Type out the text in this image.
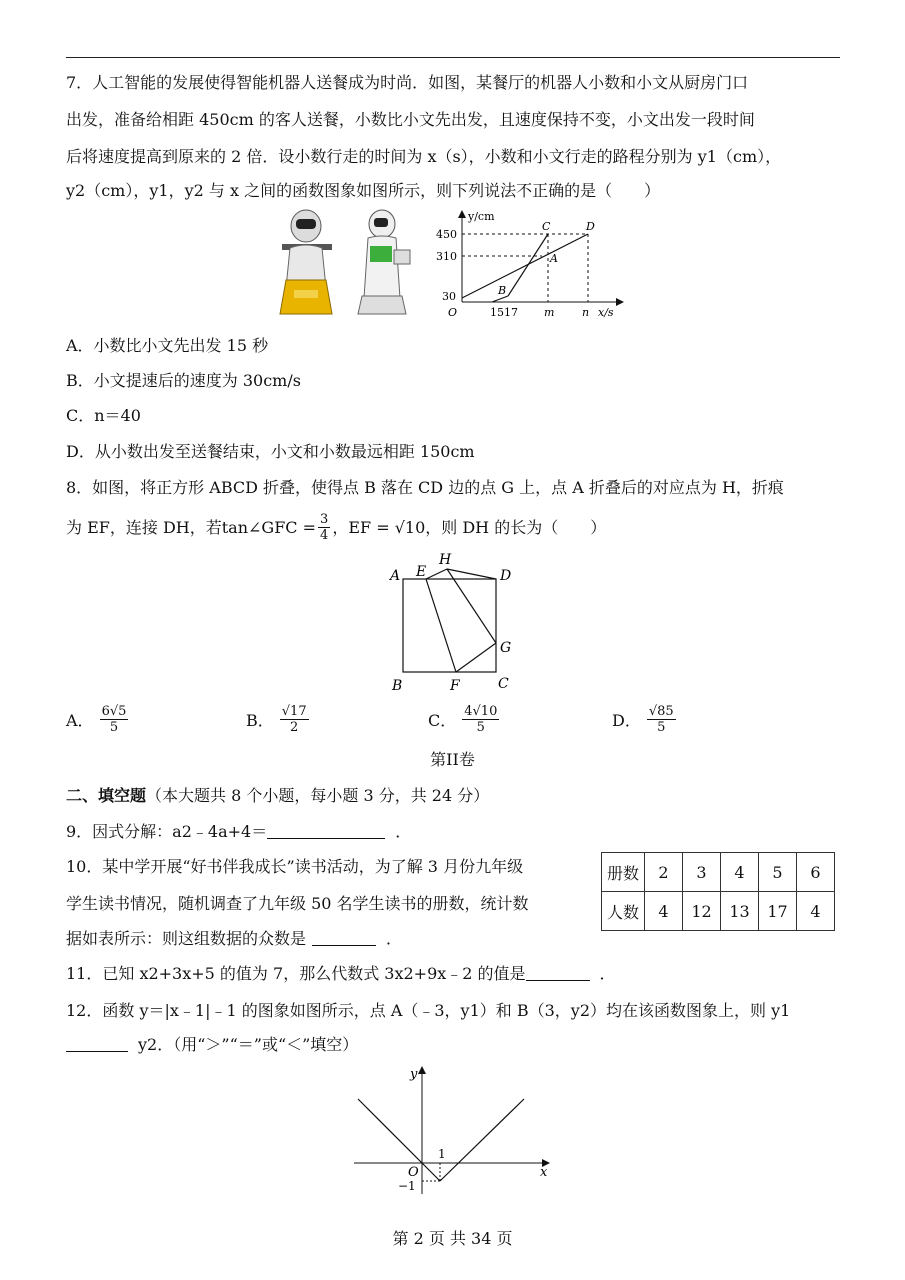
7．人工智能的发展使得智能机器人送餐成为时尚．如图，某餐厅的机器人小数和小文从厨房门口
出发，准备给相距 450cm 的客人送餐，小数比小文先出发，且速度保持不变，小文出发一段时间
后将速度提高到原来的 2 倍．设小数行走的时间为 x（s），小数和小文行走的路程分别为 y1（cm），
y2（cm），y1，y2 与 x 之间的函数图象如图所示，则下列说法不正确的是（　　）
y/cm
x/s
O
450
310
30
1517 m	n
C	D
A
B
A．小数比小文先出发 15 秒
B．小文提速后的速度为 30cm/s
C．n＝40
D．从小数出发至送餐结束，小文和小数最远相距 150cm
8．如图，将正方形 ABCD 折叠，使得点 B 落在 CD 边的点 G 上，点 A 折叠后的对应点为 H，折痕
为 EF，连接 DH，若tan∠GFC = $\frac{3}{4}$ ，EF = √10，则 DH 的长为（　　）
A E
H
D
G
B	F	C
A． $\frac{6√5}{5}$	B． $\frac{√17}{2}$	C． $\frac{4√10}{5}$	D． $\frac{√85}{5}$
第II卷
二、填空题（本大题共 8 个小题，每小题 3 分，共 24 分）
9．因式分解：a2﹣4a+4＝	．
10．某中学开展“好书伴我成长”读书活动，为了解 3 月份九年级
学生读书情况，随机调查了九年级 50 名学生读书的册数，统计数
据如表所示：则这组数据的众数是	．
册数	2	3	4	5	6
人数	4	12	13	17	4
11．已知 x2+3x+5 的值为 7，那么代数式 3x2+9x﹣2 的值是	．
12．函数 y＝|x﹣1|﹣1 的图象如图所示，点 A（﹣3，y1）和 B（3，y2）均在该函数图象上，则 y1
y2．（用“＞”“＝”或“＜”填空）
y
x
O
1
−1
第 2 页 共 34 页
